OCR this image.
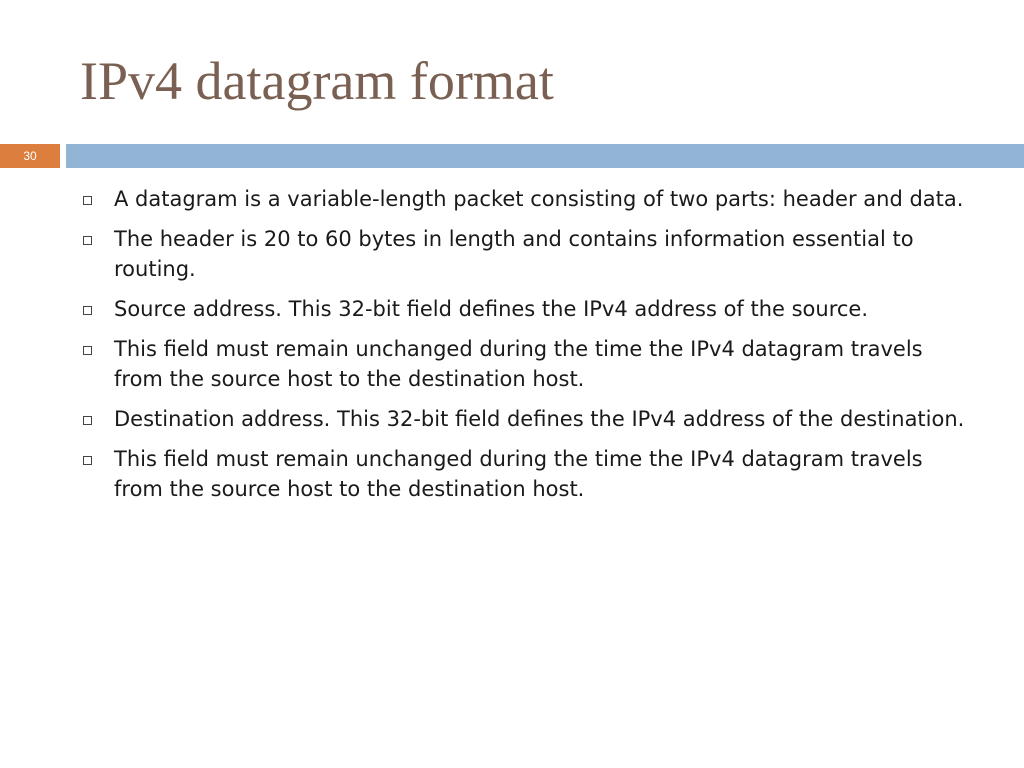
IPv4 datagram format
30
A datagram is a variable-length packet consisting of two parts: header and data.
The header is 20 to 60 bytes in length and contains information essential to routing.
Source address. This 32-bit field defines the IPv4 address of the source.
This field must remain unchanged during the time the IPv4 datagram travels from the source host to the destination host.
Destination address. This 32-bit field defines the IPv4 address of the destination.
This field must remain unchanged during the time the IPv4 datagram travels from the source host to the destination host.
